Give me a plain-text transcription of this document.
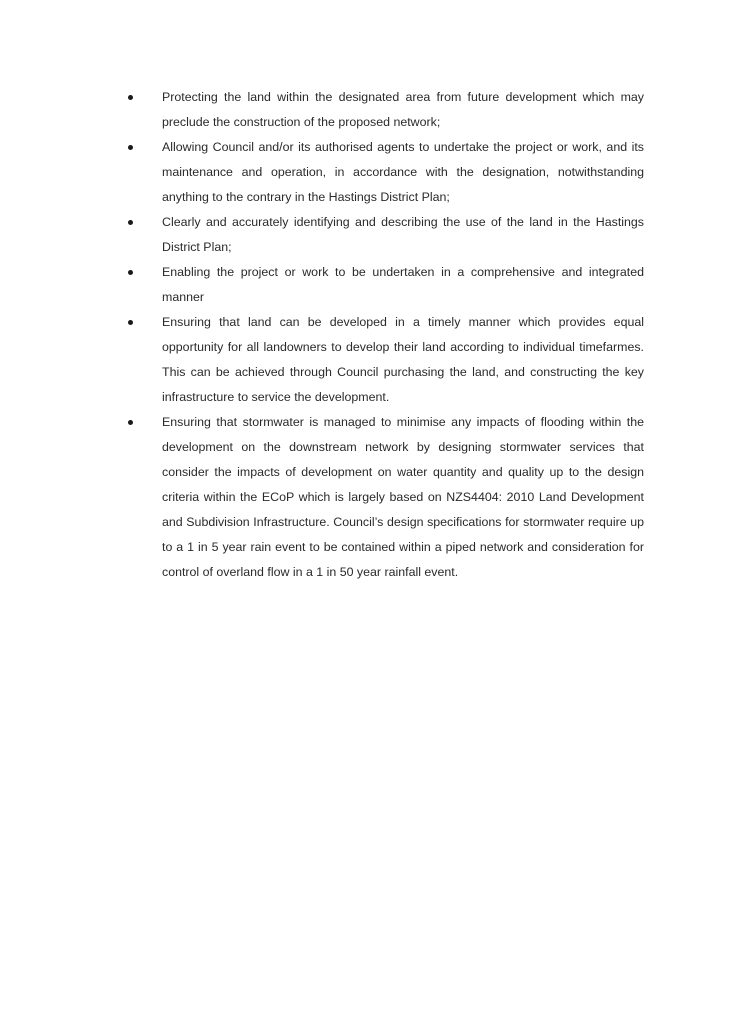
Protecting the land within the designated area from future development which may preclude the construction of the proposed network;
Allowing Council and/or its authorised agents to undertake the project or work, and its maintenance and operation, in accordance with the designation, notwithstanding anything to the contrary in the Hastings District Plan;
Clearly and accurately identifying and describing the use of the land in the Hastings District Plan;
Enabling the project or work to be undertaken in a comprehensive and integrated manner
Ensuring that land can be developed in a timely manner which provides equal opportunity for all landowners to develop their land according to individual timefarmes. This can be achieved through Council purchasing the land, and constructing the key infrastructure to service the development.
Ensuring that stormwater is managed to minimise any impacts of flooding within the development on the downstream network by designing stormwater services that consider the impacts of development on water quantity and quality up to the design criteria within the ECoP which is largely based on NZS4404: 2010 Land Development and Subdivision Infrastructure. Council’s design specifications for stormwater require up to a 1 in 5 year rain event to be contained within a piped network and consideration for control of overland flow in a 1 in 50 year rainfall event.
